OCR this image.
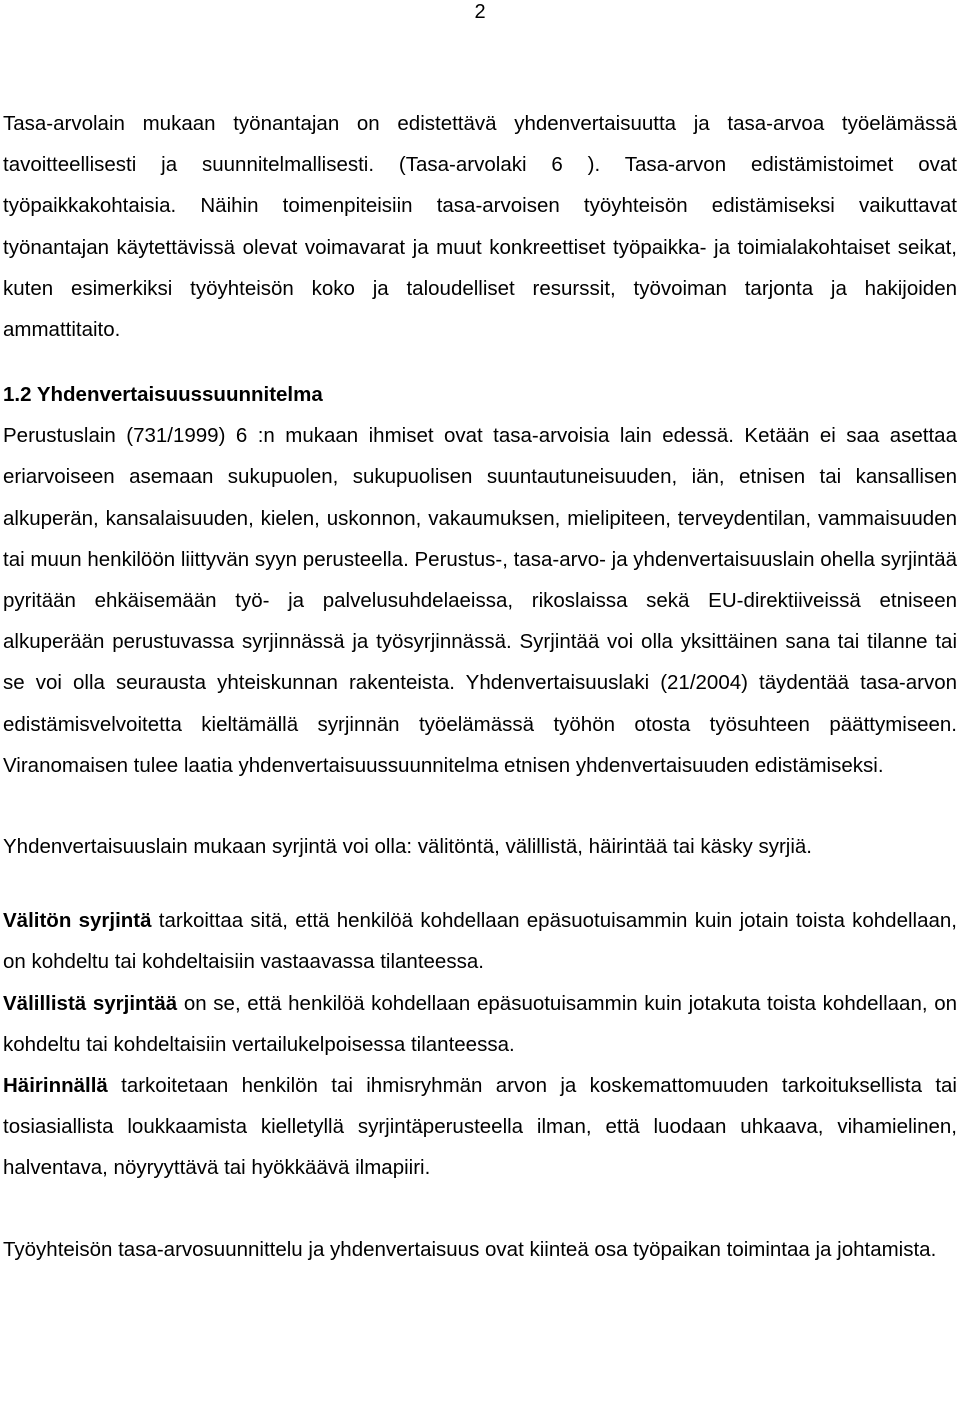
2

Tasa-arvolain mukaan työnantajan on edistettävä yhdenvertaisuutta ja tasa-arvoa työelämässä tavoitteellisesti ja suunnitelmallisesti. (Tasa-arvolaki 6 ). Tasa-arvon edistämistoimet ovat työpaikkakohtaisia. Näihin toimenpiteisiin tasa-arvoisen työyhteisön edistämiseksi vaikuttavat työnantajan käytettävissä olevat voimavarat ja muut konkreettiset työpaikka- ja toimialakohtaiset seikat, kuten esimerkiksi työyhteisön koko ja taloudelliset resurssit, työvoiman tarjonta ja hakijoiden ammattitaito.

1.2 Yhdenvertaisuussuunnitelma

Perustuslain (731/1999) 6 :n mukaan ihmiset ovat tasa-arvoisia lain edessä. Ketään ei saa asettaa eriarvoiseen asemaan sukupuolen, sukupuolisen suuntautuneisuuden, iän, etnisen tai kansallisen alkuperän, kansalaisuuden, kielen, uskonnon, vakaumuksen, mielipiteen, terveydentilan, vammaisuuden tai muun henkilöön liittyvän syyn perusteella. Perustus-, tasa-arvo- ja yhdenvertaisuuslain ohella syrjintää pyritään ehkäisemään työ- ja palvelusuhdelaeissa, rikoslaissa sekä EU-direktiiveissä etniseen alkuperään perustuvassa syrjinnässä ja työsyrjinnässä. Syrjintää voi olla yksittäinen sana tai tilanne tai se voi olla seurausta yhteiskunnan rakenteista. Yhdenvertaisuuslaki (21/2004) täydentää tasa-arvon edistämisvelvoitetta kieltämällä syrjinnän työelämässä työhön otosta työsuhteen päättymiseen. Viranomaisen tulee laatia yhdenvertaisuussuunnitelma etnisen yhdenvertaisuuden edistämiseksi.

Yhdenvertaisuuslain mukaan syrjintä voi olla: välitöntä, välillistä, häirintää tai käsky syrjiä.

Välitön syrjintä tarkoittaa sitä, että henkilöä kohdellaan epäsuotuisammin kuin jotain toista kohdellaan, on kohdeltu tai kohdeltaisiin vastaavassa tilanteessa.

Välillistä syrjintää on se, että henkilöä kohdellaan epäsuotuisammin kuin jotakuta toista kohdellaan, on kohdeltu tai kohdeltaisiin vertailukelpoisessa tilanteessa.

Häirinnällä tarkoitetaan henkilön tai ihmisryhmän arvon ja koskemattomuuden tarkoituksellista tai tosiasiallista loukkaamista kielletyllä syrjintäperusteella ilman, että luodaan uhkaava, vihamielinen, halventava, nöyryyttävä tai hyökkäävä ilmapiiri.

Työyhteisön tasa-arvosuunnittelu ja yhdenvertaisuus ovat kiinteä osa työpaikan toimintaa ja johtamista.
